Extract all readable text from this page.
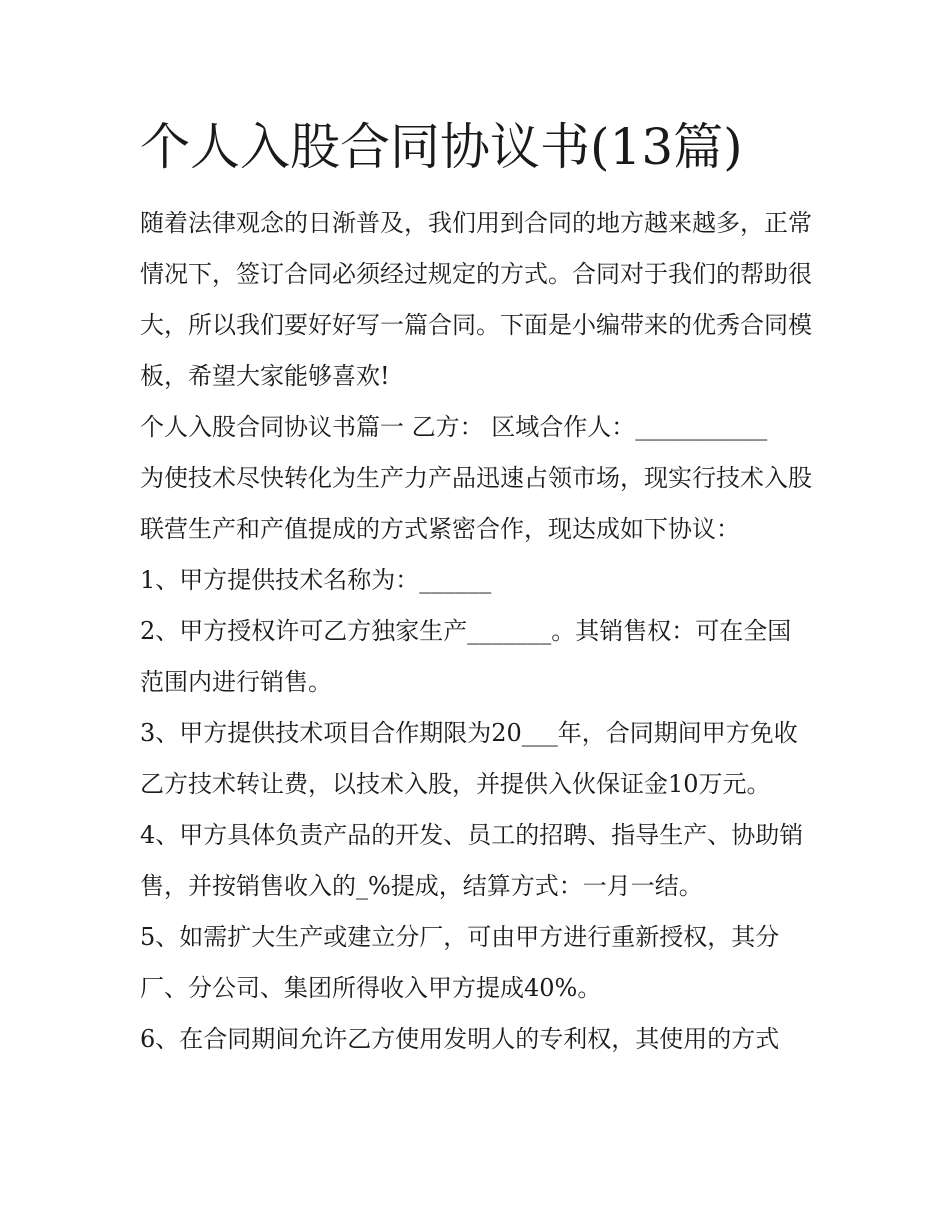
个人入股合同协议书(13篇)

随着法律观念的日渐普及，我们用到合同的地方越来越多，正常情况下，签订合同必须经过规定的方式。合同对于我们的帮助很大，所以我们要好好写一篇合同。下面是小编带来的优秀合同模板，希望大家能够喜欢!

个人入股合同协议书篇一 乙方： 区域合作人：___________

为使技术尽快转化为生产力产品迅速占领市场，现实行技术入股联营生产和产值提成的方式紧密合作，现达成如下协议：

1、甲方提供技术名称为：______

2、甲方授权许可乙方独家生产_______。其销售权：可在全国范围内进行销售。

3、甲方提供技术项目合作期限为20___年，合同期间甲方免收乙方技术转让费，以技术入股，并提供入伙保证金10万元。

4、甲方具体负责产品的开发、员工的招聘、指导生产、协助销售，并按销售收入的_%提成，结算方式：一月一结。

5、如需扩大生产或建立分厂，可由甲方进行重新授权，其分厂、分公司、集团所得收入甲方提成40%。

6、在合同期间允许乙方使用发明人的专利权，其使用的方式
